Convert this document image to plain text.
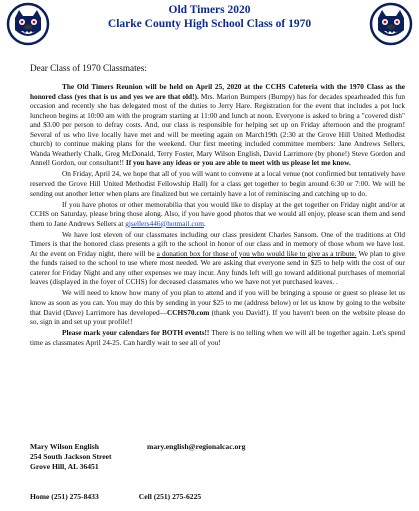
Old Timers 2020
Clarke County High School Class of 1970
Dear Class of 1970 Classmates:

The Old Timers Reunion will be held on April 25, 2020 at the CCHS Cafeteria with the 1970 Class as the honored class (yes that is us and yes we are that old!). Mrs. Marion Bumpers (Bumpy) has for decades spearheaded this fun occasion and recently she has delegated most of the duties to Jerry Hare. Registration for the event that includes a pot luck luncheon begins at 10:00 am with the program starting at 11:00 and lunch at noon. Everyone is asked to bring a "covered dish" and $3.00 per person to defray costs. And, our class is responsible for helping set up on Friday afternoon and the program! Several of us who live locally have met and will be meeting again on March19th (2:30 at the Grove Hill United Methodist church) to continue making plans for the weekend. Our first meeting included committee members: Jane Andrews Sellers, Wanda Weatherly Chalk, Greg McDonald, Terry Foster, Mary Wilson English, David Larrimore (by phone!) Steve Gordon and Annell Gordon, our consultant!! If you have any ideas or you are able to meet with us please let me know.

On Friday, April 24, we hope that all of you will want to convene at a local venue (not confirmed but tentatively have reserved the Grove Hill United Methodist Fellowship Hall) for a class get together to begin around 6:30 or 7:00. We will be sending out another letter when plans are finalized but we certainly have a lot of reminiscing and catching up to do.

If you have photos or other memorabilia that you would like to display at the get together on Friday night and/or at CCHS on Saturday, please bring those along. Also, if you have good photos that we would all enjoy, please scan them and send them to Jane Andrews Sellers at gjsellers446@hotmail.com.

We have lost eleven of our classmates including our class president Charles Sansom. One of the traditions at Old Timers is that the honored class presents a gift to the school in honor of our class and in memory of those whom we have lost. At the event on Friday night, there will be a donation box for those of you who would like to give as a tribute. We plan to give the funds raised to the school to use where most needed. We are asking that everyone send in $25 to help with the cost of our caterer for Friday Night and any other expenses we may incur. Any funds left will go toward additional purchases of memorial leaves (displayed in the foyer of CCHS) for deceased classmates who we have not yet purchased leaves. .

We will need to know how many of you plan to attend and if you will be bringing a spouse or guest so please let us know as soon as you can. You may do this by sending in your $25 to me (address below) or let us know by going to the website that David (Dave) Larrimore has developed—CCHS70.com (thank you David!). If you haven't been on the website please do so, sign in and set up your profile!!

Please mark your calendars for BOTH events!! There is no telling when we will all be together again. Let's spend time as classmates April 24-25. Can hardly wait to see all of you!

Mary Wilson English
254 South Jackson Street
Grove Hill, AL 36451
mary.english@regionalcac.org
Home (251) 275-8433	Cell (251) 275-6225
